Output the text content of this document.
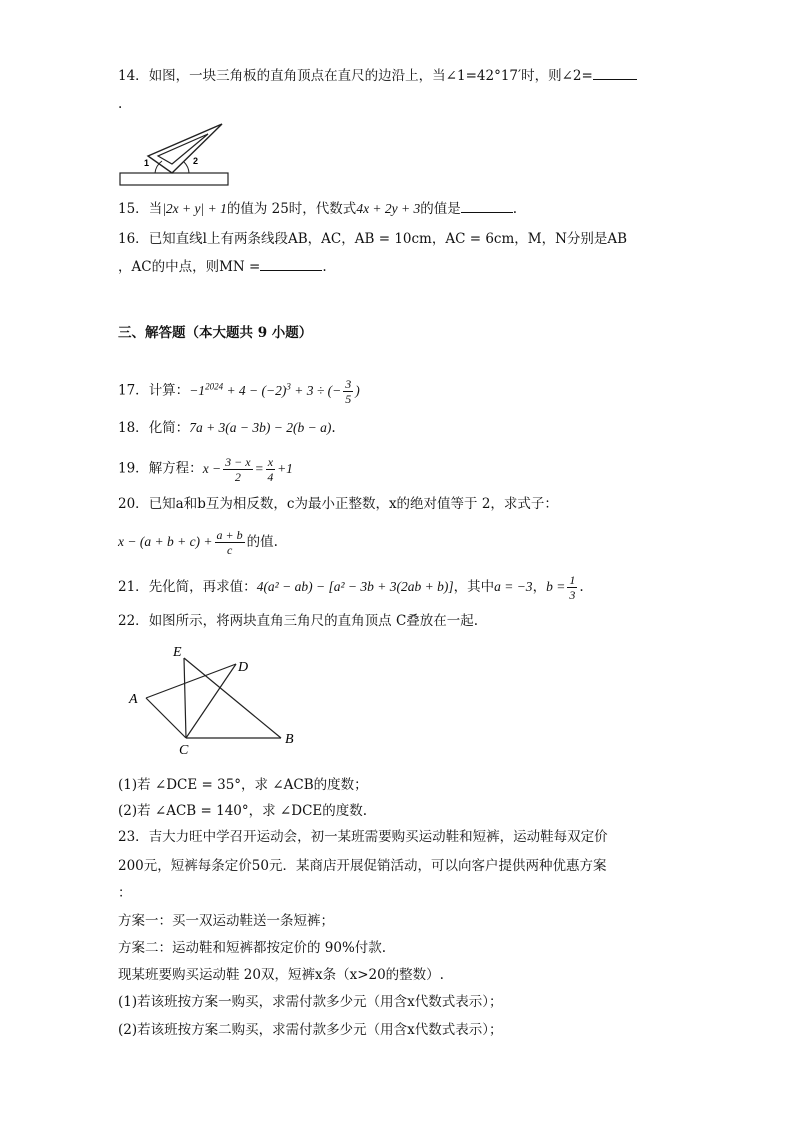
14．如图，一块三角板的直角顶点在直尺的边沿上，当∠1=42°17′时，则∠2=
.
1	2
15．当|2x + y| + 1的值为 25时，代数式4x + 2y + 3的值是	.
16．已知直线l上有两条线段AB，AC，AB = 10cm，AC = 6cm，M，N分别是AB
，AC的中点，则MN =	.
三、解答题（本大题共 9 小题）
17．计算：$-1^{2024} + 4 - (-2)^3 + 3$ ÷ (− $\frac{3}{5}$ )
18．化简：7a + 3(a − 3b) − 2(b − a).
19．解方程：$x - \frac{3 - x}{2} = \frac{x}{4} +1$
20．已知a和b互为相反数，c为最小正整数，x的绝对值等于 2，求式子：
$x - (a + b + c) + \frac{a + b}{c}$ 的值.
21．先化简，再求值：4(a² − ab) − [a² − 3b + 3(2ab + b)]，其中a = −3，$b = \frac{1}{3}$ .
22．如图所示，将两块直角三角尺的直角顶点 C叠放在一起.
E
D
A
C
B
(1)若 ∠DCE = 35°，求 ∠ACB的度数；
(2)若 ∠ACB = 140°，求 ∠DCE的度数.
23．吉大力旺中学召开运动会，初一某班需要购买运动鞋和短裤，运动鞋每双定价
200元，短裤每条定价50元．某商店开展促销活动，可以向客户提供两种优惠方案
：
方案一：买一双运动鞋送一条短裤；
方案二：运动鞋和短裤都按定价的 90%付款.
现某班要购买运动鞋 20双，短裤x条（x>20的整数）.
(1)若该班按方案一购买，求需付款多少元（用含x代数式表示）；
(2)若该班按方案二购买，求需付款多少元（用含x代数式表示）；
